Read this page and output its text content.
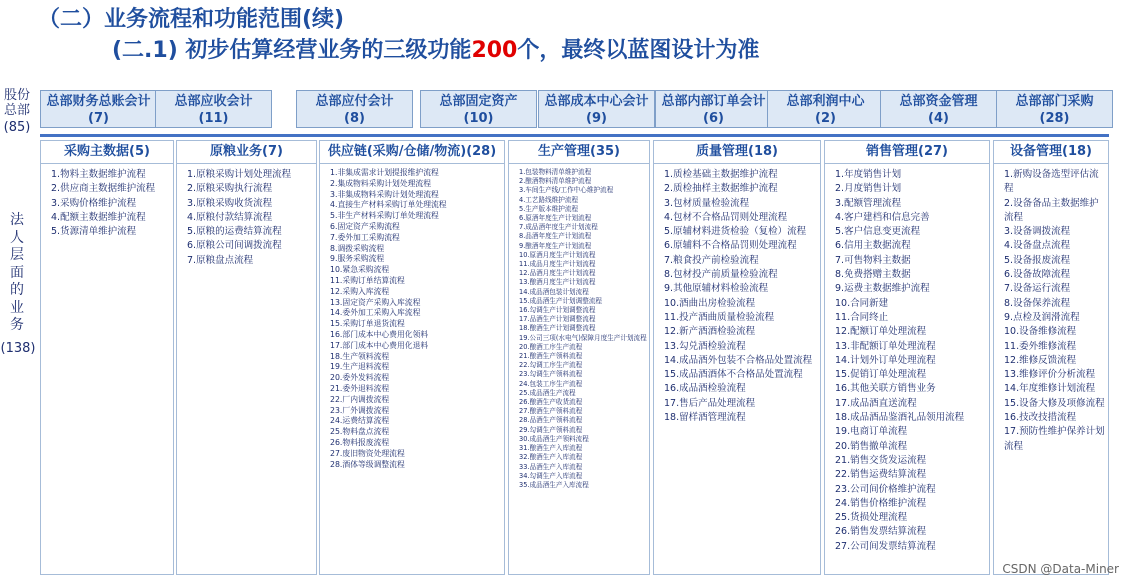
（二）业务流程和功能范围(续)
(二.1) 初步估算经营业务的三级功能200个，最终以蓝图设计为准
股份总部
(85)
法人层面的业务
(138)
总部财务总账会计
(7)
总部应收会计
(11)
总部应付会计
(8)
总部固定资产
(10)
总部成本中心会计
(9)
总部内部订单会计
(6)
总部利润中心
(2)
总部资金管理
(4)
总部部门采购
(28)
采购主数据(5)
1.物料主数据维护流程
2.供应商主数据维护流程
3.采购价格维护流程
4.配额主数据维护流程
5.货源清单维护流程
原粮业务(7)
1.原粮采购计划处理流程
2.原粮采购执行流程
3.原粮采购收货流程
4.原粮付款结算流程
5.原粮的运费结算流程
6.原粮公司间调拨流程
7.原粮盘点流程
供应链(采购/仓储/物流)(28)
1.非集成需求计划提报维护流程
2.集成物料采购计划处理流程
3.非集成物料采购计划处理流程
4.直接生产材料采购订单处理流程
5.非生产材料采购订单处理流程
6.固定资产采购流程
7.委外加工采购流程
8.调拨采购流程
9.服务采购流程
10.紧急采购流程
11.采购订单结算流程
12.采购入库流程
13.固定资产采购入库流程
14.委外加工采购入库流程
15.采购订单退货流程
16.部门成本中心费用化领料
17.部门成本中心费用化退料
18.生产领料流程
19.生产退料流程
20.委外发料流程
21.委外退料流程
22.厂内调拨流程
23.厂外调拨流程
24.运费结算流程
25.物料盘点流程
26.物料报废流程
27.废旧物资处理流程
28.酒体等级调整流程
生产管理(35)
1.包装物料清单维护流程
2.酿酒物料清单维护流程
3.车间生产线/工作中心维护流程
4.工艺路线维护流程
5.生产版本维护流程
6.原酒年度生产计划流程
7.成品酒年度生产计划流程
8.品酒年度生产计划流程
9.酿酒年度生产计划流程
10.原酒月度生产计划流程
11.成品月度生产计划流程
12.品酒月度生产计划流程
13.酿酒月度生产计划流程
14.成品酒包装计划流程
15.成品酒生产计划调整流程
16.勾调生产计划调整流程
17.品酒生产计划调整流程
18.酿酒生产计划调整流程
19.公司三项(水电气)保障月度生产计划流程
20.酿酒工序生产流程
21.酿酒生产领料流程
22.勾调工序生产流程
23.勾调生产领料流程
24.包装工序生产流程
25.成品酒生产流程
26.酿酒生产收货流程
27.酿酒生产领料流程
28.品酒生产领料流程
29.勾调生产领料流程
30.成品酒生产领料流程
31.酿酒生产入库流程
32.酿酒生产入库流程
33.品酒生产入库流程
34.勾调生产入库流程
35.成品酒生产入库流程
质量管理(18)
1.质检基础主数据维护流程
2.质检抽样主数据维护流程
3.包材质量检验流程
4.包材不合格品罚则处理流程
5.原辅材料进货检验（复检）流程
6.原辅料不合格品罚则处理流程
7.粮食投产前检验流程
8.包材投产前质量检验流程
9.其他原辅材料检验流程
10.酒曲出房检验流程
11.投产酒曲质量检验流程
12.新产酒酒检验流程
13.勾兑酒检验流程
14.成品酒外包装不合格品处置流程
15.成品酒酒体不合格品处置流程
16.成品酒检验流程
17.售后产品处理流程
18.留样酒管理流程
销售管理(27)
1.年度销售计划
2.月度销售计划
3.配额管理流程
4.客户建档和信息完善
5.客户信息变更流程
6.信用主数据流程
7.可售物料主数据
8.免费搭赠主数据
9.运费主数据维护流程
10.合同新建
11.合同终止
12.配额订单处理流程
13.非配额订单处理流程
14.计划外订单处理流程
15.促销订单处理流程
16.其他关联方销售业务
17.成品酒直送流程
18.成品酒品鉴酒礼品领用流程
19.电商订单流程
20.销售撤单流程
21.销售交货发运流程
22.销售运费结算流程
23.公司间价格维护流程
24.销售价格维护流程
25.货损处理流程
26.销售发票结算流程
27.公司间发票结算流程
设备管理(18)
1.新购设备选型评估流程
2.设备备品主数据维护流程
3.设备调拨流程
4.设备盘点流程
5.设备报废流程
6.设备故障流程
7.设备运行流程
8.设备保养流程
9.点检及润滑流程
10.设备维修流程
11.委外维修流程
12.维修反馈流程
13.维修评价分析流程
14.年度维修计划流程
15.设备大修及项修流程
16.技改技措流程
17.预防性维护保养计划流程
CSDN @Data-Miner
